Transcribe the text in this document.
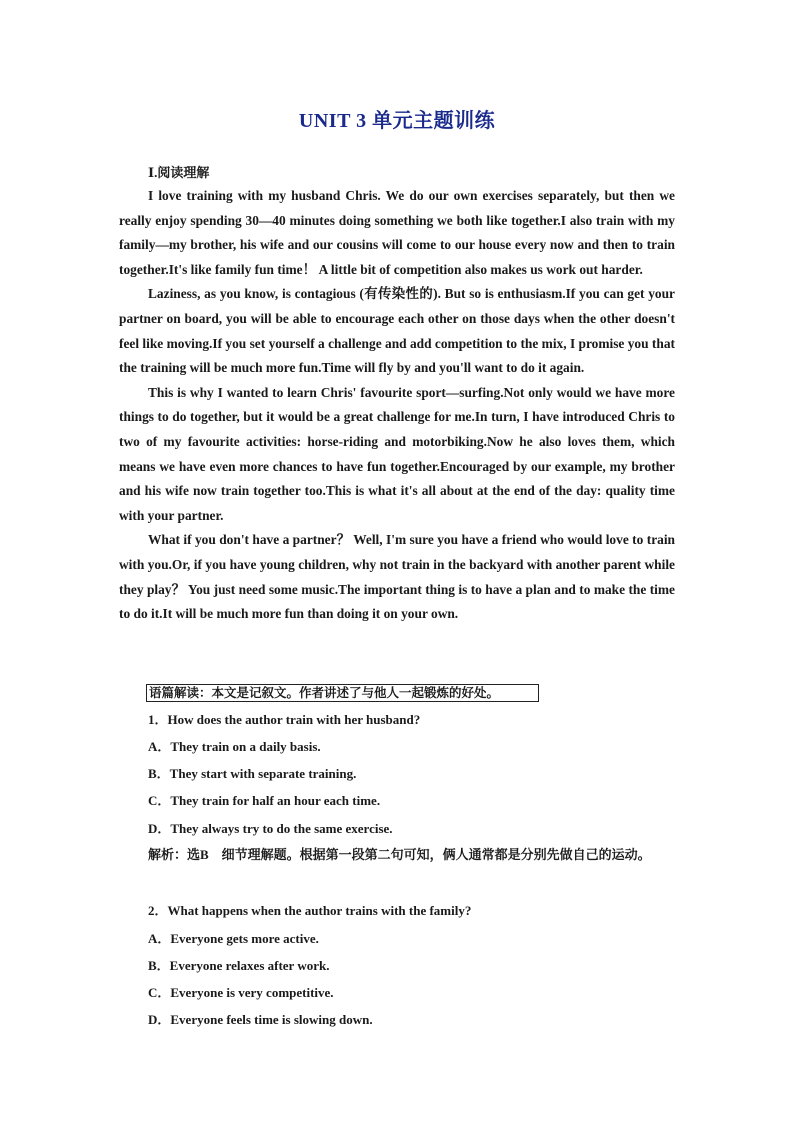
UNIT 3 单元主题训练
Ⅰ.阅读理解

I love training with my husband Chris. We do our own exercises separately, but then we really enjoy spending 30—40 minutes doing something we both like together.I also train with my family—my brother, his wife and our cousins will come to our house every now and then to train together.It's like family fun time！ A little bit of competition also makes us work out harder.

Laziness, as you know, is contagious (有传染性的). But so is enthusiasm.If you can get your partner on board, you will be able to encourage each other on those days when the other doesn't feel like moving.If you set yourself a challenge and add competition to the mix, I promise you that the training will be much more fun.Time will fly by and you'll want to do it again.

This is why I wanted to learn Chris' favourite sport—surfing.Not only would we have more things to do together, but it would be a great challenge for me.In turn, I have introduced Chris to two of my favourite activities: horse-riding and motorbiking.Now he also loves them, which means we have even more chances to have fun together.Encouraged by our example, my brother and his wife now train together too.This is what it's all about at the end of the day: quality time with your partner.

What if you don't have a partner？ Well, I'm sure you have a friend who would love to train with you.Or, if you have young children, why not train in the backyard with another parent while they play？ You just need some music.The important thing is to have a plan and to make the time to do it.It will be much more fun than doing it on your own.

语篇解读：本文是记叙文。作者讲述了与他人一起锻炼的好处。
1．How does the author train with her husband?
A．They train on a daily basis.
B．They start with separate training.
C．They train for half an hour each time.
D．They always try to do the same exercise.
解析：选B　细节理解题。根据第一段第二句可知，俩人通常都是分别先做自己的运动。
2．What happens when the author trains with the family?
A．Everyone gets more active.
B．Everyone relaxes after work.
C．Everyone is very competitive.
D．Everyone feels time is slowing down.
